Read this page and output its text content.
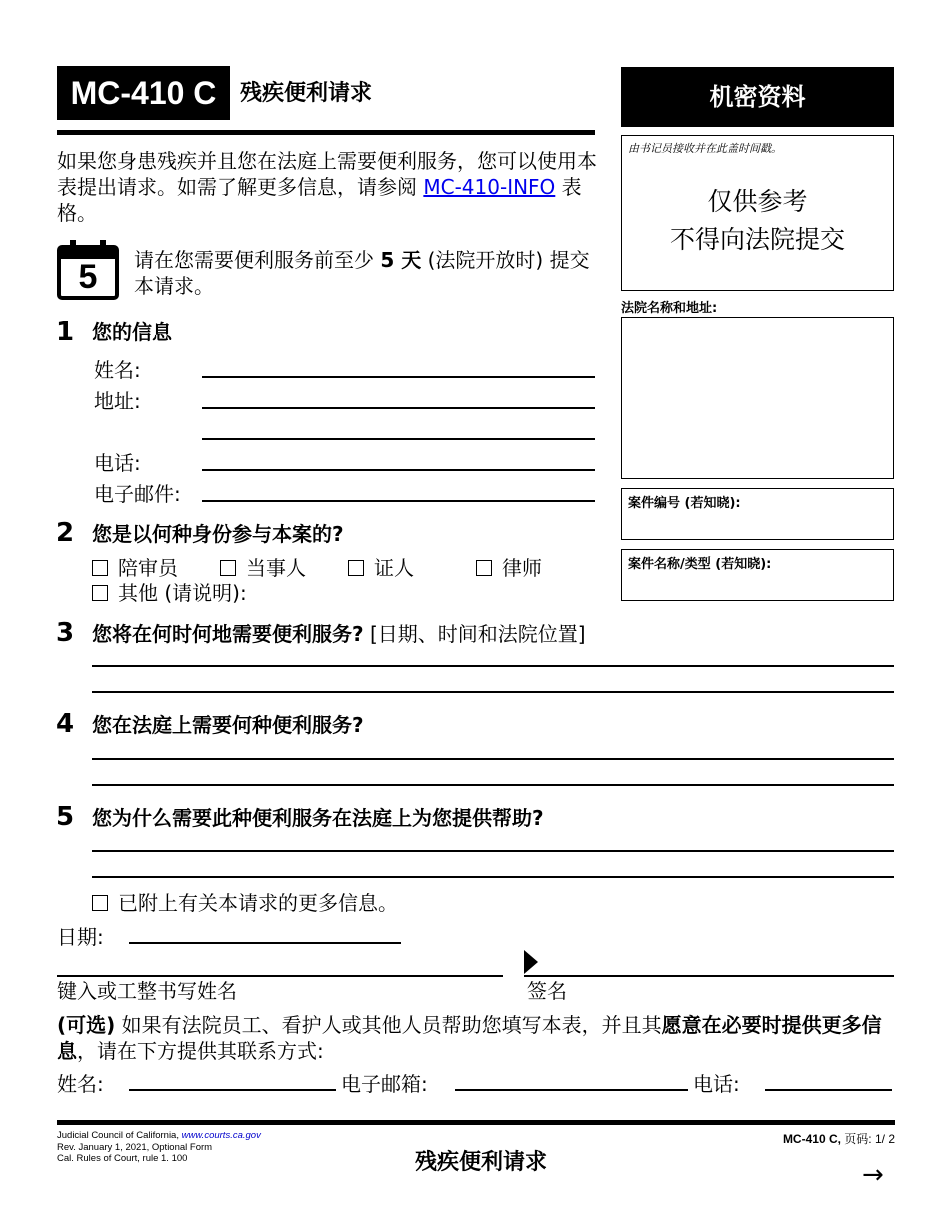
MC-410 C	残疾便利请求	机密资料
由书记员接收并在此盖时间戳。
仅供参考
不得向法院提交
法院名称和地址:
案件编号 (若知晓):
案件名称/类型 (若知晓):
如果您身患残疾并且您在法庭上需要便利服务，您可以使用本表提出请求。如需了解更多信息，请参阅 MC-410-INFO 表格。
5	请在您需要便利服务前至少 5 天 (法院开放时) 提交本请求。
1 您的信息
姓名:
地址:
电话:
电子邮件:
2 您是以何种身份参与本案的?
陪审员	当事人	证人	律师
其他 (请说明):
3 您将在何时何地需要便利服务? [日期、时间和法院位置]
4 您在法庭上需要何种便利服务?
5 您为什么需要此种便利服务在法庭上为您提供帮助?
已附上有关本请求的更多信息。
日期:
键入或工整书写姓名	签名
(可选) 如果有法院员工、看护人或其他人员帮助您填写本表，并且其愿意在必要时提供更多信息，请在下方提供其联系方式:
姓名:	电子邮箱:	电话:
Judicial Council of California, www.courts.ca.gov
Rev. January 1, 2021, Optional Form
Cal. Rules of Court, rule 1. 100	残疾便利请求
MC-410 C, 页码: 1/ 2
→
